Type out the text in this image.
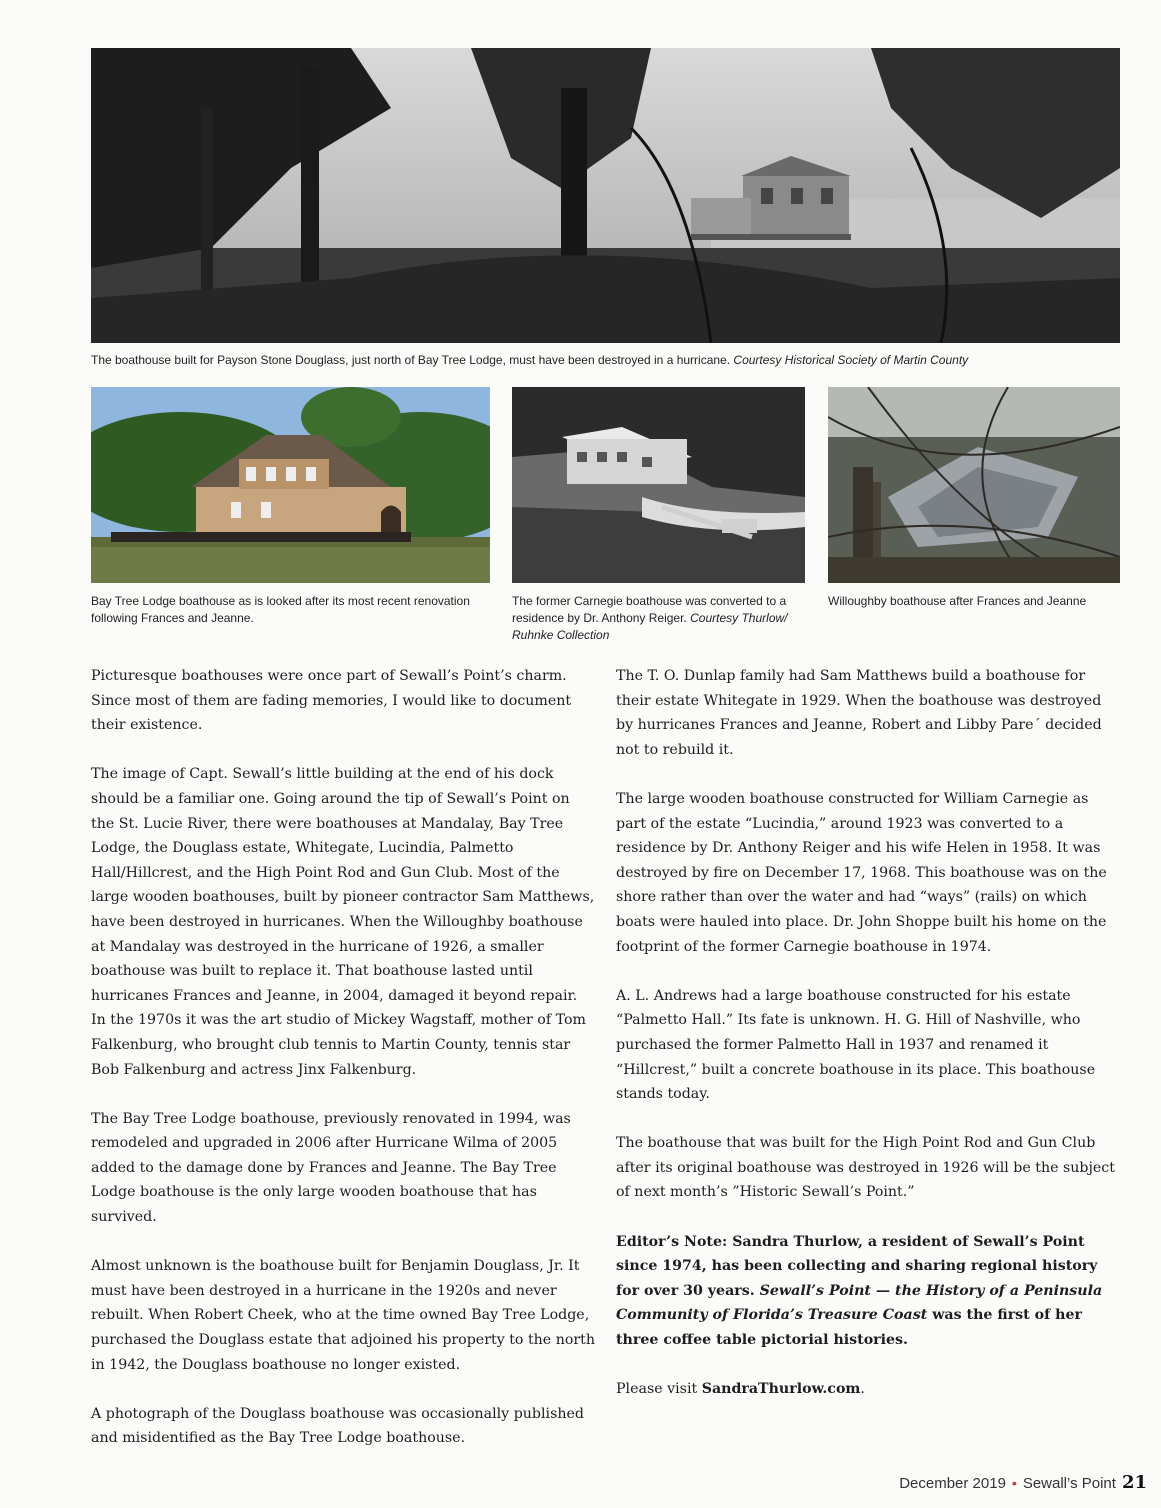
The boathouse built for Payson Stone Douglass, just north of Bay Tree Lodge, must have been destroyed in a hurricane. Courtesy Historical Society of Martin County
Bay Tree Lodge boathouse as is looked after its most recent renovation following Frances and Jeanne.
The former Carnegie boathouse was converted to a residence by Dr. Anthony Reiger. Courtesy Thurlow/ Ruhnke Collection
Willoughby boathouse after Frances and Jeanne

Picturesque boathouses were once part of Sewall’s Point’s charm. Since most of them are fading memories, I would like to document their existence.

The image of Capt. Sewall’s little building at the end of his dock should be a familiar one. Going around the tip of Sewall’s Point on the St. Lucie River, there were boathouses at Mandalay, Bay Tree Lodge, the Douglass estate, Whitegate, Lucindia, Palmetto Hall/Hillcrest, and the High Point Rod and Gun Club. Most of the large wooden boathouses, built by pioneer contractor Sam Matthews, have been destroyed in hurricanes. When the Willoughby boathouse at Mandalay was destroyed in the hurricane of 1926, a smaller boathouse was built to replace it. That boathouse lasted until hurricanes Frances and Jeanne, in 2004, damaged it beyond repair. In the 1970s it was the art studio of Mickey Wagstaff, mother of Tom Falkenburg, who brought club tennis to Martin County, tennis star Bob Falkenburg and actress Jinx Falkenburg.

The Bay Tree Lodge boathouse, previously renovated in 1994, was remodeled and upgraded in 2006 after Hurricane Wilma of 2005 added to the damage done by Frances and Jeanne. The Bay Tree Lodge boathouse is the only large wooden boathouse that has survived.

Almost unknown is the boathouse built for Benjamin Douglass, Jr. It must have been destroyed in a hurricane in the 1920s and never rebuilt. When Robert Cheek, who at the time owned Bay Tree Lodge, purchased the Douglass estate that adjoined his property to the north in 1942, the Douglass boathouse no longer existed.

A photograph of the Douglass boathouse was occasionally published and misidentified as the Bay Tree Lodge boathouse.

The T. O. Dunlap family had Sam Matthews build a boathouse for their estate Whitegate in 1929. When the boathouse was destroyed by hurricanes Frances and Jeanne, Robert and Libby Pare´ decided not to rebuild it.

The large wooden boathouse constructed for William Carnegie as part of the estate “Lucindia,” around 1923 was converted to a residence by Dr. Anthony Reiger and his wife Helen in 1958. It was destroyed by fire on December 17, 1968. This boathouse was on the shore rather than over the water and had “ways” (rails) on which boats were hauled into place. Dr. John Shoppe built his home on the footprint of the former Carnegie boathouse in 1974.

A. L. Andrews had a large boathouse constructed for his estate “Palmetto Hall.” Its fate is unknown. H. G. Hill of Nashville, who purchased the former Palmetto Hall in 1937 and renamed it “Hillcrest,” built a concrete boathouse in its place. This boathouse stands today.

The boathouse that was built for the High Point Rod and Gun Club after its original boathouse was destroyed in 1926 will be the subject of next month’s ”Historic Sewall’s Point.”

Editor’s Note: Sandra Thurlow, a resident of Sewall’s Point since 1974, has been collecting and sharing regional history for over 30 years. Sewall’s Point — the History of a Peninsula Community of Florida’s Treasure Coast was the first of her three coffee table pictorial histories.

Please visit SandraThurlow.com.

December 2019 • Sewall’s Point 21
